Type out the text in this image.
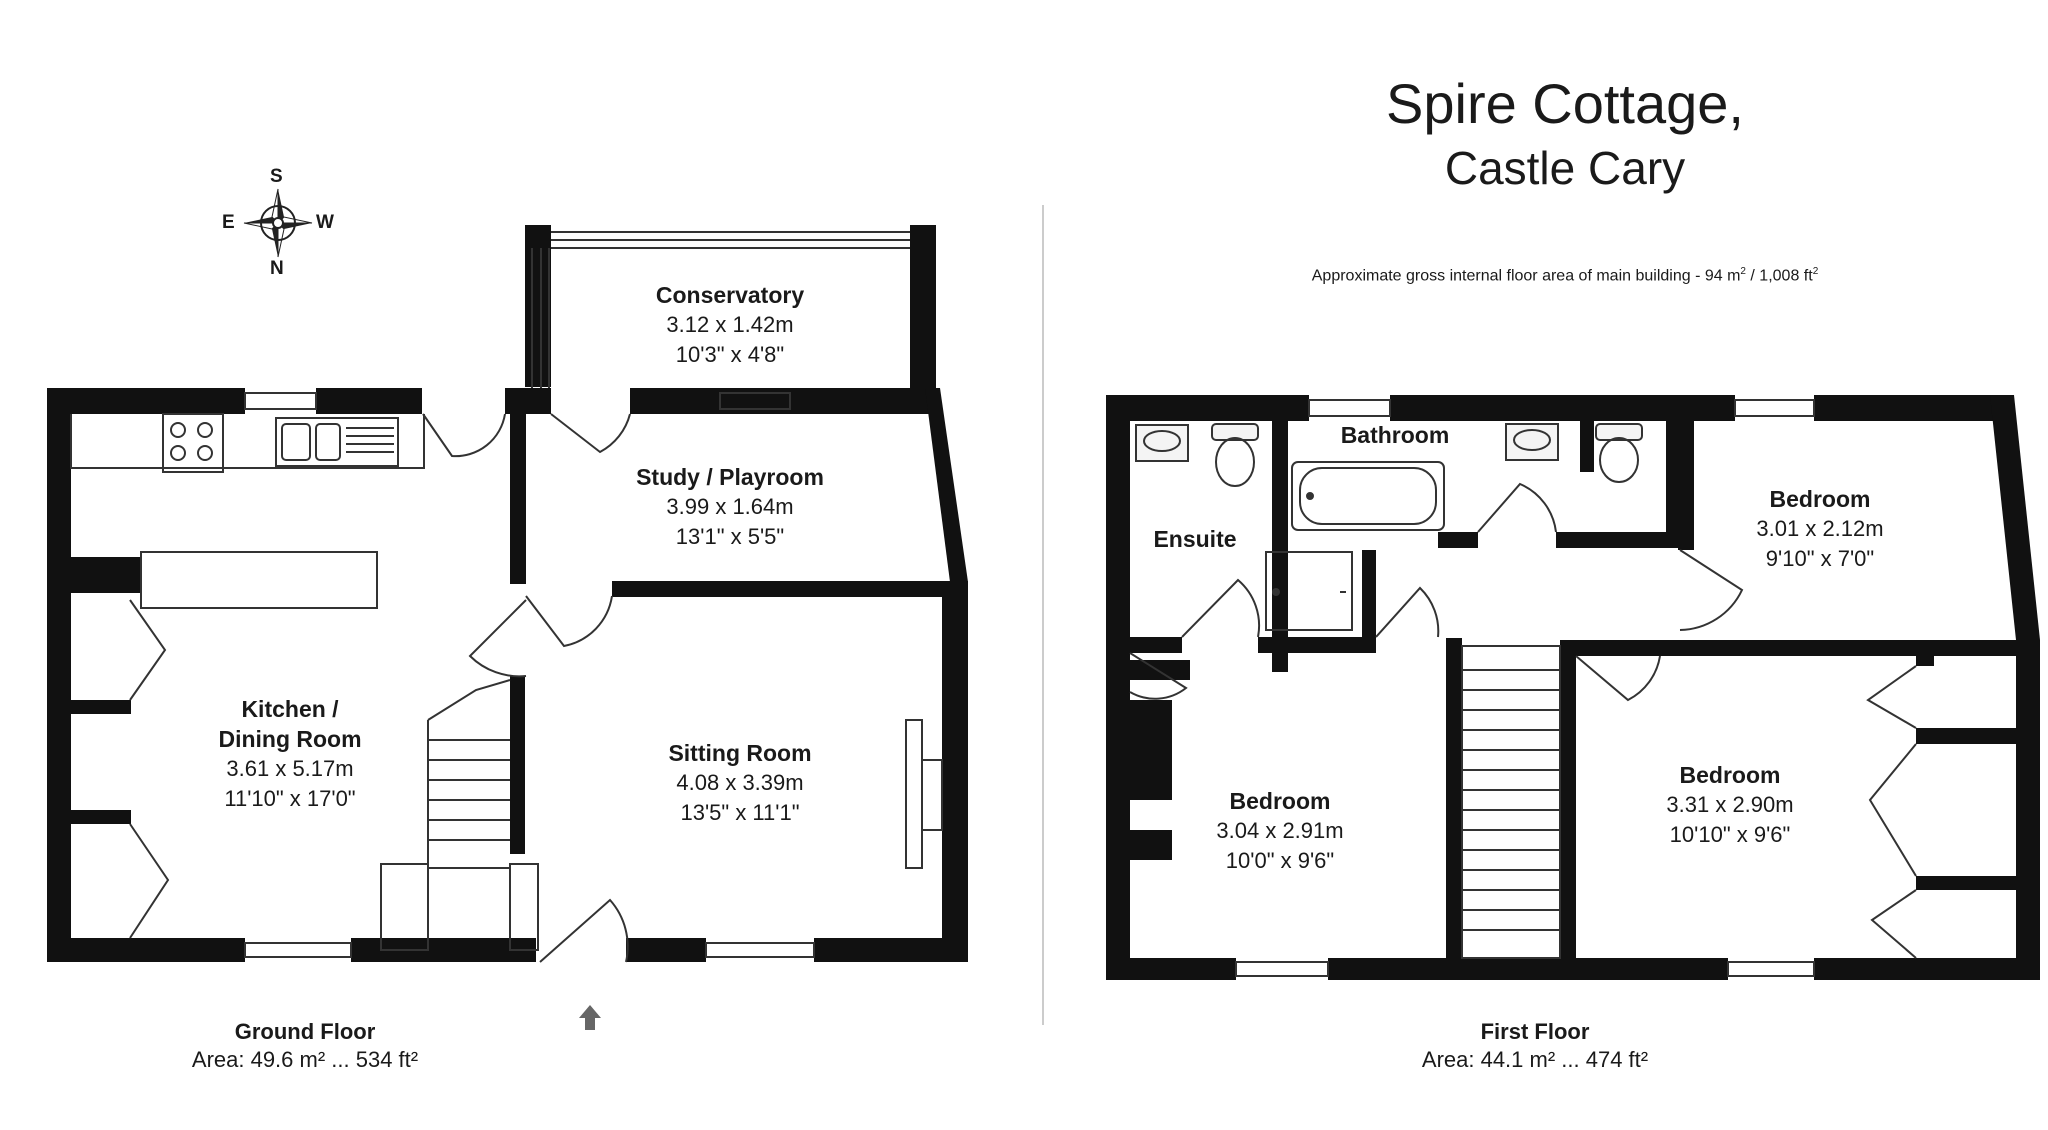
Spire Cottage,
Castle Cary
Approximate gross internal floor area of main building - 94 $m^2 / 1,008$ $ft^2$
S
N
E	W
Conservatory
3.12 x 1.42m
10'3" x 4'8"
Study / Playroom
3.99 x 1.64m
13'1" x 5'5"
Kitchen /
Dining Room
3.61 x 5.17m
11'10" x 17'0"
Sitting Room
4.08 x 3.39m
13'5" x 11'1"
Ground Floor
Area: 49.6 m² ... 534 ft²
Bathroom
Ensuite
Bedroom
3.01 x 2.12m
9'10" x 7'0"
Bedroom
3.04 x 2.91m
10'0" x 9'6"
Bedroom
3.31 x 2.90m
10'10" x 9'6"
First Floor
Area: 44.1 m² ... 474 ft²
